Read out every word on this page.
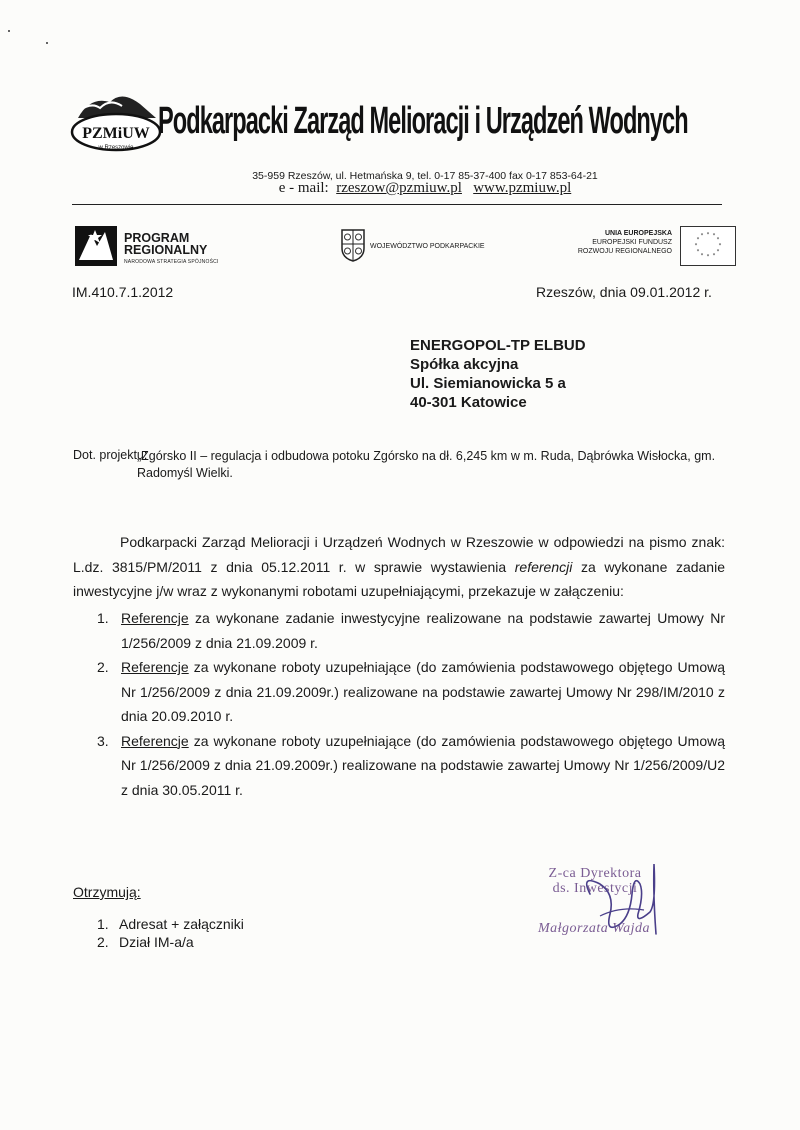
PZMiUW
w Rzeszowie
Podkarpacki Zarząd Melioracji i Urządzeń Wodnych
35-959 Rzeszów, ul. Hetmańska 9, tel. 0-17 85-37-400 fax 0-17 853-64-21
e - mail: rzeszow@pzmiuw.pl www.pzmiuw.pl
PROGRAM
REGIONALNY
NARODOWA STRATEGIA SPÓJNOŚCI
WOJEWÓDZTWO PODKARPACKIE
UNIA EUROPEJSKA
EUROPEJSKI FUNDUSZ
ROZWOJU REGIONALNEGO
* *
*
*
*
*
*
*
*
*
*
*
IM.410.7.1.2012	Rzeszów, dnia 09.01.2012 r.
ENERGOPOL-TP ELBUD
Spółka akcyjna
Ul. Siemianowicka 5 a
40-301 Katowice
Dot. projektu:
„Zgórsko II – regulacja i odbudowa potoku Zgórsko na dł. 6,245 km w m. Ruda, Dąbrówka Wisłocka, gm. Radomyśl Wielki.
Podkarpacki Zarząd Melioracji i Urządzeń Wodnych w Rzeszowie w odpowiedzi na pismo znak: L.dz. 3815/PM/2011 z dnia 05.12.2011 r. w sprawie wystawienia referencji za wykonane zadanie inwestycyjne j/w wraz z wykonanymi robotami uzupełniającymi, przekazuje w załączeniu:
1. Referencje za wykonane zadanie inwestycyjne realizowane na podstawie zawartej Umowy Nr 1/256/2009 z dnia 21.09.2009 r.
2. Referencje za wykonane roboty uzupełniające (do zamówienia podstawowego objętego Umową Nr 1/256/2009 z dnia 21.09.2009r.) realizowane na podstawie zawartej Umowy Nr 298/IM/2010 z dnia 20.09.2010 r.
3. Referencje za wykonane roboty uzupełniające (do zamówienia podstawowego objętego Umową Nr 1/256/2009 z dnia 21.09.2009r.) realizowane na podstawie zawartej Umowy Nr 1/256/2009/U2 z dnia 30.05.2011 r.
Z-ca Dyrektora
ds. Inwestycji
Małgorzata Wajda
Otrzymują:
1. Adresat + załączniki
2. Dział IM-a/a
